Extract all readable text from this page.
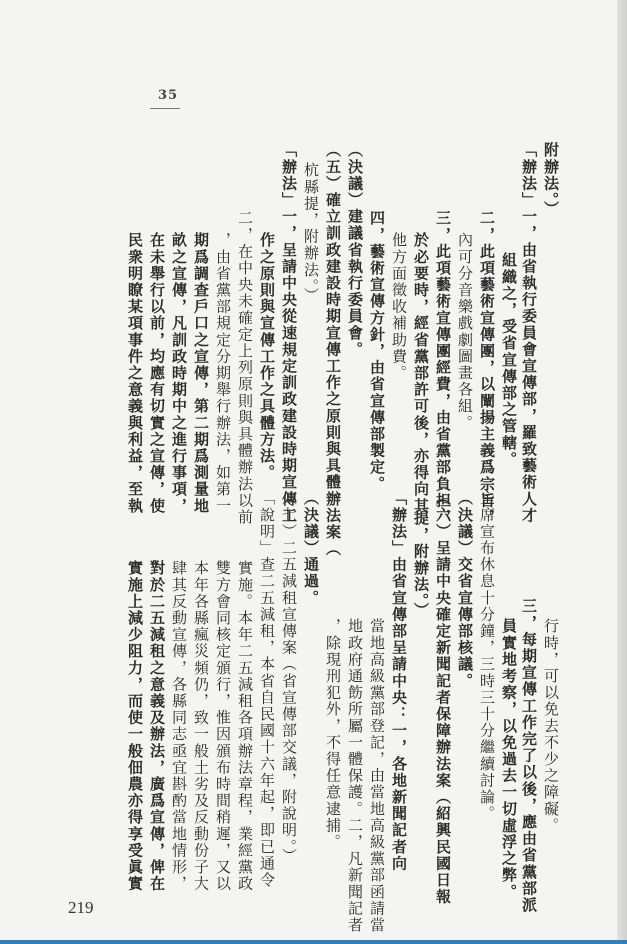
35
行時，可以免去不少之障礙。
三，每期宣傳工作完了以後，應由省黨部派
員實地考察，以免過去一切虛浮之弊。
主席宣布休息十分鐘，三時三十分繼續討論。
（決議）交省宣傳部核議。
（六）呈請中央確定新聞記者保障辦法案（紹興民國日報
提，附辦法。）
「辦法」由省宣傳部呈請中央：一，各地新聞記者向
當地高級黨部登記，由當地高級黨部函請當
地政府通飭所屬一體保護。二，凡新聞記者
，除現刑犯外，不得任意逮捕。
（決議）通過。
（七）二五減租宣傳案（省宣傳部交議，附說明。）
「說明」查二五減租，本省自民國十六年起，即已通令
實施。本年二五減租各項辦法章程，業經黨政
雙方會同核定頒行，惟因頒布時間稍遲，又以
本年各縣瘋災頻仍，致一般土劣及反動份子大
肆其反動宣傳，各縣同志亟宜斟酌當地情形，
對於二五減租之意義及辦法，廣爲宣傳，俾在
實施上減少阻力，而使一般佃農亦得享受眞實
附辦法。）
「辦法」一，由省執行委員會宣傳部，羅致藝術人才
組織之，受省宣傳部之管轄。
二，此項藝術宣傳團，以闡揚主義爲宗旨，
內可分音樂戲劇圖畫各組。
三，此項藝術宣傳團經費，由省黨部負担，
於必要時，經省黨部許可後，亦得向其
他方面徵收補助費。
四，藝術宣傳方針，由省宣傳部製定。
（決議）建議省執行委員會。
（五）確立訓政建設時期宣傳工作之原則與具體辦法案（
杭縣提，附辦法。）
「辦法」一，呈請中央從速規定訓政建設時期宣傳工
作之原則與宣傳工作之具體方法。
二，在中央未確定上列原則與具體辦法以前
，由省黨部規定分期舉行辦法，如第一
期爲調查戶口之宣傳，第二期爲測量地
畝之宣傳，凡訓政時期中之進行事項，
在未舉行以前，均應有切實之宣傳，使
民衆明瞭某項事件之意義與利益，至執
219
